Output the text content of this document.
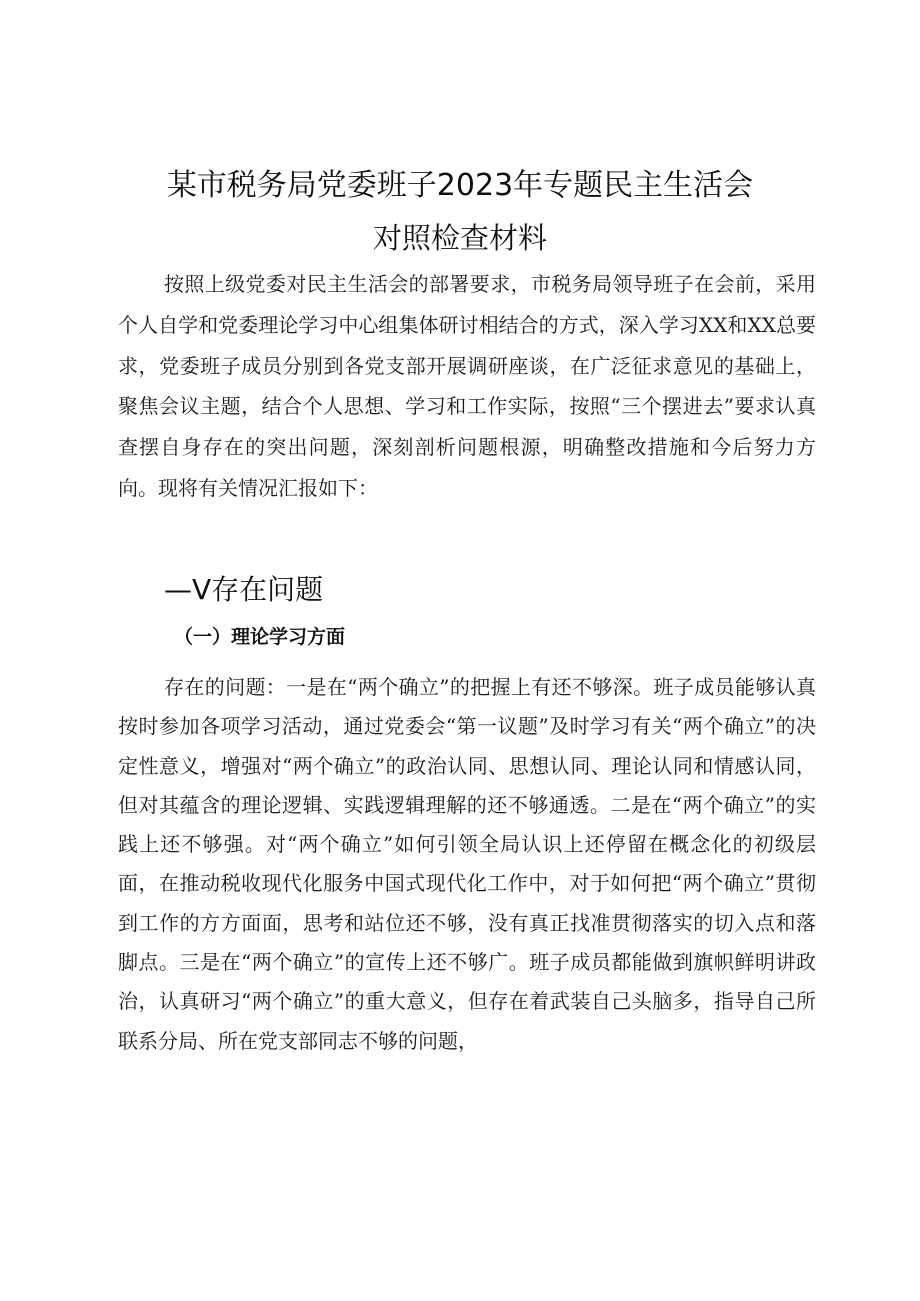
某市税务局党委班子2023年专题民主生活会
对照检查材料
按照上级党委对民主生活会的部署要求，市税务局领导班子在会前，采用个人自学和党委理论学习中心组集体研讨相结合的方式，深入学习XX和XX总要求，党委班子成员分别到各党支部开展调研座谈，在广泛征求意见的基础上，聚焦会议主题，结合个人思想、学习和工作实际，按照“三个摆进去”要求认真查摆自身存在的突出问题，深刻剖析问题根源，明确整改措施和今后努力方向。现将有关情况汇报如下：
—V存在问题
（一）理论学习方面
存在的问题：一是在“两个确立”的把握上有还不够深。班子成员能够认真按时参加各项学习活动，通过党委会“第一议题”及时学习有关“两个确立”的决定性意义，增强对“两个确立”的政治认同、思想认同、理论认同和情感认同，但对其蕴含的理论逻辑、实践逻辑理解的还不够通透。二是在“两个确立”的实践上还不够强。对“两个确立”如何引领全局认识上还停留在概念化的初级层面，在推动税收现代化服务中国式现代化工作中，对于如何把“两个确立”贯彻到工作的方方面面，思考和站位还不够，没有真正找准贯彻落实的切入点和落脚点。三是在“两个确立”的宣传上还不够广。班子成员都能做到旗帜鲜明讲政治，认真研习“两个确立”的重大意义，但存在着武装自己头脑多，指导自己所联系分局、所在党支部同志不够的问题，
